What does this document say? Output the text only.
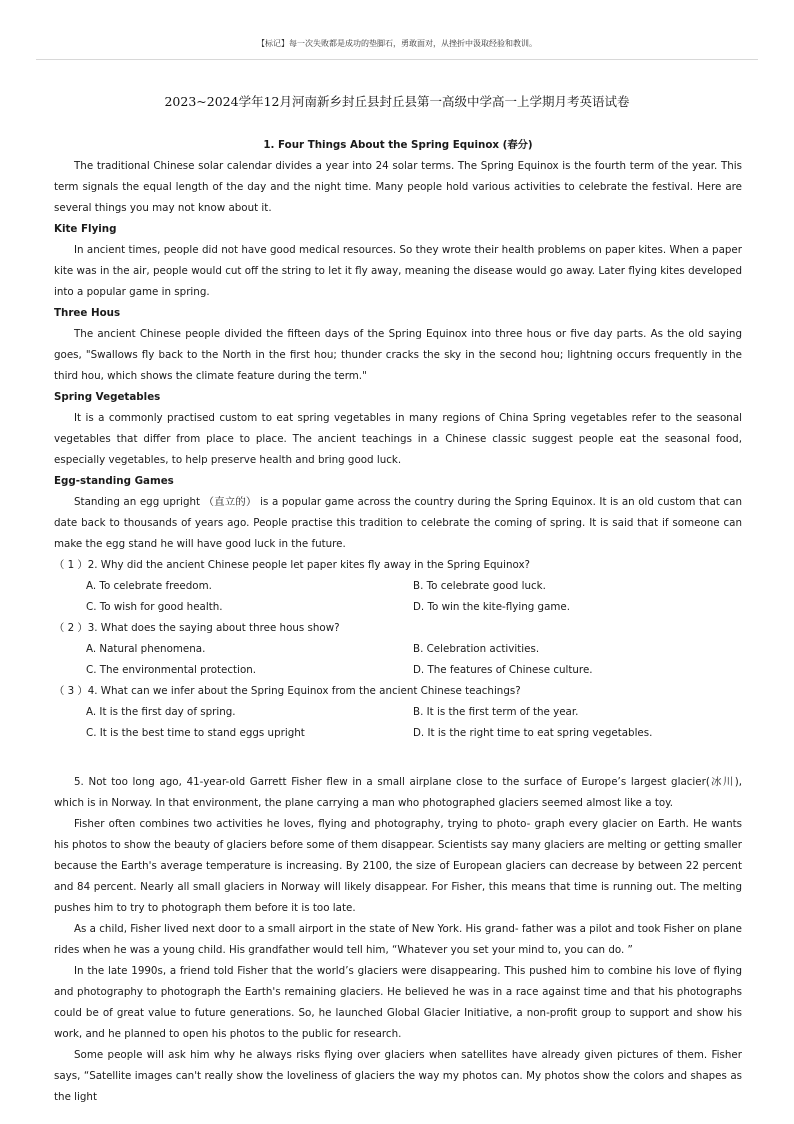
【标记】每一次失败都是成功的垫脚石，勇敢面对，从挫折中汲取经验和教训。
2023~2024学年12月河南新乡封丘县封丘县第一高级中学高一上学期月考英语试卷
1. Four Things About the Spring Equinox (春分)

The traditional Chinese solar calendar divides a year into 24 solar terms. The Spring Equinox is the fourth term of the year. This term signals the equal length of the day and the night time. Many people hold various activities to celebrate the festival. Here are several things you may not know about it.

Kite Flying

In ancient times, people did not have good medical resources. So they wrote their health problems on paper kites. When a paper kite was in the air, people would cut off the string to let it fly away, meaning the disease would go away. Later flying kites developed into a popular game in spring.

Three Hous

The ancient Chinese people divided the fifteen days of the Spring Equinox into three hous or five day parts. As the old saying goes, "Swallows fly back to the North in the first hou; thunder cracks the sky in the second hou; lightning occurs frequently in the third hou, which shows the climate feature during the term."

Spring Vegetables

It is a commonly practised custom to eat spring vegetables in many regions of China Spring vegetables refer to the seasonal vegetables that differ from place to place. The ancient teachings in a Chinese classic suggest people eat the seasonal food, especially vegetables, to help preserve health and bring good luck.

Egg-standing Games

Standing an egg upright （直立的） is a popular game across the country during the Spring Equinox. It is an old custom that can date back to thousands of years ago. People practise this tradition to celebrate the coming of spring. It is said that if someone can make the egg stand he will have good luck in the future.

（ 1 ）2. Why did the ancient Chinese people let paper kites fly away in the Spring Equinox?

A. To celebrate freedom.	B. To celebrate good luck.
C. To wish for good health.	D. To win the kite-flying game.

（ 2 ）3. What does the saying about three hous show?

A. Natural phenomena.	B. Celebration activities.
C. The environmental protection.	D. The features of Chinese culture.

（ 3 ）4. What can we infer about the Spring Equinox from the ancient Chinese teachings?

A. It is the first day of spring.	B. It is the first term of the year.
C. It is the best time to stand eggs upright	D. It is the right time to eat spring vegetables.

5. Not too long ago, 41-year-old Garrett Fisher flew in a small airplane close to the surface of Europe’s largest glacier(冰川), which is in Norway. In that environment, the plane carrying a man who photographed glaciers seemed almost like a toy.

Fisher often combines two activities he loves, flying and photography, trying to photo- graph every glacier on Earth. He wants his photos to show the beauty of glaciers before some of them disappear. Scientists say many glaciers are melting or getting smaller because the Earth's average temperature is increasing. By 2100, the size of European glaciers can decrease by between 22 percent and 84 percent. Nearly all small glaciers in Norway will likely disappear. For Fisher, this means that time is running out. The melting pushes him to try to photograph them before it is too late.

As a child, Fisher lived next door to a small airport in the state of New York. His grand- father was a pilot and took Fisher on plane rides when he was a young child. His grandfather would tell him, “Whatever you set your mind to, you can do. ”

In the late 1990s, a friend told Fisher that the world’s glaciers were disappearing. This pushed him to combine his love of flying and photography to photograph the Earth's remaining glaciers. He believed he was in a race against time and that his photographs could be of great value to future generations. So, he launched Global Glacier Initiative, a non-profit group to support and show his work, and he planned to open his photos to the public for research.

Some people will ask him why he always risks flying over glaciers when satellites have already given pictures of them. Fisher says, “Satellite images can't really show the loveliness of glaciers the way my photos can. My photos show the colors and shapes as the light
